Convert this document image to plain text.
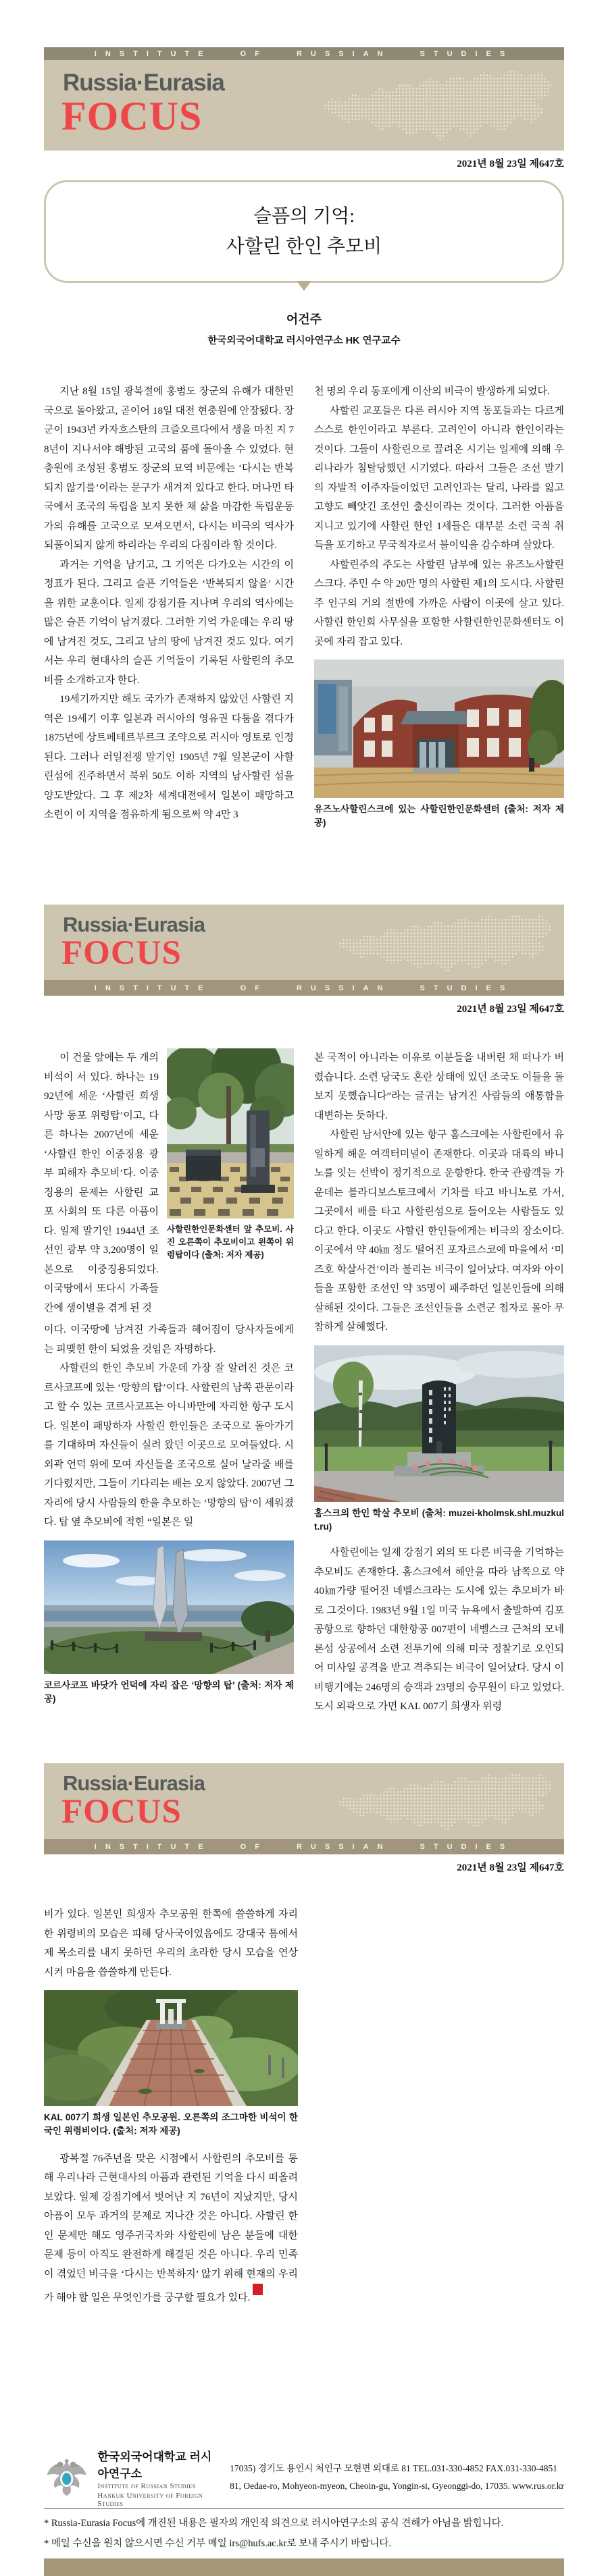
INSTITUTE OF RUSSIAN STUDIES
Russia·Eurasia
FOCUS
2021년 8월 23일 제647호
슬픔의 기억:
사할린 한인 추모비
어건주
한국외국어대학교 러시아연구소 HK 연구교수

지난 8월 15일 광복절에 홍범도 장군의 유해가 대한민국으로 돌아왔고, 곧이어 18일 대전 현충원에 안장됐다. 장군이 1943년 카자흐스탄의 크즐오르다에서 생을 마친 지 78년이 지나서야 해방된 고국의 품에 돌아올 수 있었다. 현충원에 조성된 홍범도 장군의 묘역 비문에는 ‘다시는 반복되지 않기를’이라는 문구가 새겨져 있다고 한다. 머나먼 타국에서 조국의 독립을 보지 못한 채 삶을 마감한 독립운동가의 유해를 고국으로 모셔오면서, 다시는 비극의 역사가 되풀이되지 않게 하리라는 우리의 다짐이라 할 것이다.

과거는 기억을 남기고, 그 기억은 다가오는 시간의 이정표가 된다. 그리고 슬픈 기억들은 ‘반복되지 않을’ 시간을 위한 교훈이다. 일제 강점기를 지나며 우리의 역사에는 많은 슬픈 기억이 남겨졌다. 그러한 기억 가운데는 우리 땅에 남겨진 것도, 그리고 남의 땅에 남겨진 것도 있다. 여기서는 우리 현대사의 슬픈 기억들이 기록된 사할린의 추모비를 소개하고자 한다.

19세기까지만 해도 국가가 존재하지 않았던 사할린 지역은 19세기 이후 일본과 러시아의 영유권 다툼을 겪다가 1875년에 상트페테르부르크 조약으로 러시아 영토로 인정된다. 그러나 러일전쟁 말기인 1905년 7월 일본군이 사할린섬에 진주하면서 북위 50도 이하 지역의 남사할린 섬을 양도받았다. 그 후 제2차 세계대전에서 일본이 패망하고 소련이 이 지역을 점유하게 됨으로써 약 4만 3

천 명의 우리 동포에게 이산의 비극이 발생하게 되었다.

사할린 교포들은 다른 러시아 지역 동포들과는 다르게 스스로 한인이라고 부른다. 고려인이 아니라 한인이라는 것이다. 그들이 사할린으로 끌려온 시기는 일제에 의해 우리나라가 침탈당했던 시기였다. 따라서 그들은 조선 말기의 자발적 이주자들이었던 고려인과는 달리, 나라를 잃고 고향도 빼앗긴 조선인 출신이라는 것이다. 그러한 아픔을 지니고 있기에 사할린 한인 1세들은 대부분 소련 국적 취득을 포기하고 무국적자로서 불이익을 감수하며 살았다.

사할린주의 주도는 사할린 남부에 있는 유즈노사할린스크다. 주민 수 약 20만 명의 사할린 제1의 도시다. 사할린주 인구의 거의 절반에 가까운 사람이 이곳에 살고 있다. 사할린 한인회 사무실을 포함한 사할린한인문화센터도 이곳에 자리 잡고 있다.

유즈노사할린스크에 있는 사할린한인문화센터 (출처: 저자 제공)
Russia·Eurasia
FOCUS
INSTITUTE OF RUSSIAN STUDIES
2021년 8월 23일 제647호

이 건물 앞에는 두 개의 비석이 서 있다. 하나는 1992년에 세운 ‘사할린 희생 사망 동포 위령탑’이고, 다른 하나는 2007년에 세운 ‘사할린 한인 이중징용 광부 피해자 추모비’다. 이중징용의 문제는 사할린 교포 사회의 또 다른 아픔이다. 일제 말기인 1944년 조선인 광부 약 3,200명이 일본으로 이중징용되었다. 이국땅에서 또다시 가족들 간에 생이별을 겪게 된 것

사할린한인문화센터 앞 추모비. 사진 오른쪽이 추모비이고 왼쪽이 위령탑이다 (출처: 저자 제공)

이다. 이국땅에 남겨진 가족들과 헤어짐이 당사자들에게는 피맺힌 한이 되었을 것임은 자명하다.

사할린의 한인 추모비 가운데 가장 잘 알려진 것은 코르사코프에 있는 ‘망향의 탑’이다. 사할린의 남쪽 관문이라고 할 수 있는 코르사코프는 아니바만에 자리한 항구 도시다. 일본이 패망하자 사할린 한인들은 조국으로 돌아가기를 기대하며 자신들이 실려 왔던 이곳으로 모여들었다. 시 외곽 언덕 위에 모여 자신들을 조국으로 실어 날라줄 배를 기다렸지만, 그들이 기다리는 배는 오지 않았다. 2007년 그 자리에 당시 사람들의 한을 추모하는 ‘망향의 탑’이 세워졌다. 탑 옆 추모비에 적힌 “일본은 일

코르사코프 바닷가 언덕에 자리 잡은 ‘망향의 탑’ (출처: 저자 제공)

본 국적이 아니라는 이유로 이분들을 내버린 채 떠나가 버렸습니다. 소련 당국도 혼란 상태에 있던 조국도 이들을 돌보지 못했습니다”라는 글귀는 남겨진 사람들의 애통함을 대변하는 듯하다.

사할린 남서안에 있는 항구 홈스크에는 사할린에서 유일하게 해운 여객터미널이 존재한다. 이곳과 대륙의 바니노를 잇는 선박이 정기적으로 운항한다. 한국 관광객들 가운데는 블라디보스토크에서 기차를 타고 바니노로 가서, 그곳에서 배를 타고 사할린섬으로 들어오는 사람들도 있다고 한다. 이곳도 사할린 한인들에게는 비극의 장소이다. 이곳에서 약 40㎞ 정도 떨어진 포자르스코예 마을에서 ‘미즈호 학살사건’이라 불리는 비극이 일어났다. 여자와 아이들을 포함한 조선인 약 35명이 패주하던 일본인들에 의해 살해된 것이다. 그들은 조선인들을 소련군 첩자로 몰아 무참하게 살해했다.

홈스크의 한인 학살 추모비 (출처: muzei-kholmsk.shl.muzkult.ru)

사할린에는 일제 강점기 외의 또 다른 비극을 기억하는 추모비도 존재한다. 홈스크에서 해안을 따라 남쪽으로 약 40㎞가량 떨어진 네벨스크라는 도시에 있는 추모비가 바로 그것이다. 1983년 9월 1일 미국 뉴욕에서 출발하여 김포공항으로 향하던 대한항공 007편이 네벨스크 근처의 모네론섬 상공에서 소련 전투기에 의해 미국 정찰기로 오인되어 미사일 공격을 받고 격추되는 비극이 일어났다. 당시 이 비행기에는 246명의 승객과 23명의 승무원이 타고 있었다. 도시 외곽으로 가면 KAL 007기 희생자 위령

Russia·Eurasia
FOCUS
INSTITUTE OF RUSSIAN STUDIES
2021년 8월 23일 제647호

비가 있다. 일본인 희생자 추모공원 한쪽에 쓸쓸하게 자리한 위령비의 모습은 피해 당사국이었음에도 강대국 틈에서 제 목소리를 내지 못하던 우리의 초라한 당시 모습을 연상시켜 마음을 씁쓸하게 만든다.

KAL 007기 희생 일본인 추모공원. 오른쪽의 조그마한 비석이 한국인 위령비이다. (출처: 저자 제공)

광복절 76주년을 맞은 시점에서 사할린의 추모비를 통해 우리나라 근현대사의 아픔과 관련된 기억을 다시 떠올려보았다. 일제 강점기에서 벗어난 지 76년이 지났지만, 당시 아픔이 모두 과거의 문제로 지나간 것은 아니다. 사할린 한인 문제만 해도 영주귀국자와 사할린에 남은 분들에 대한 문제 등이 아직도 완전하게 해결된 것은 아니다. 우리 민족이 겪었던 비극을 ‘다시는 반복하지’ 않기 위해 현재의 우리가 해야 할 일은 무엇인가를 궁구할 필요가 있다. RS

한국외국어대학교 러시아연구소
Institute of Russian Studies
Hankuk University of Foreign Studies
17035) 경기도 용인시 처인구 모현면 외대로 81 TEL.031-330-4852 FAX.031-330-4851
81, Oedae-ro, Mohyeon-myeon, Cheoin-gu, Yongin-si, Gyeonggi-do, 17035. www.rus.or.kr
* Russia-Eurasia Focus에 개진된 내용은 필자의 개인적 의견으로 러시아연구소의 공식 견해가 아님을 밝힙니다.
* 메일 수신을 원치 않으시면 수신 거부 메일 irs@hufs.ac.kr로 보내 주시기 바랍니다.
